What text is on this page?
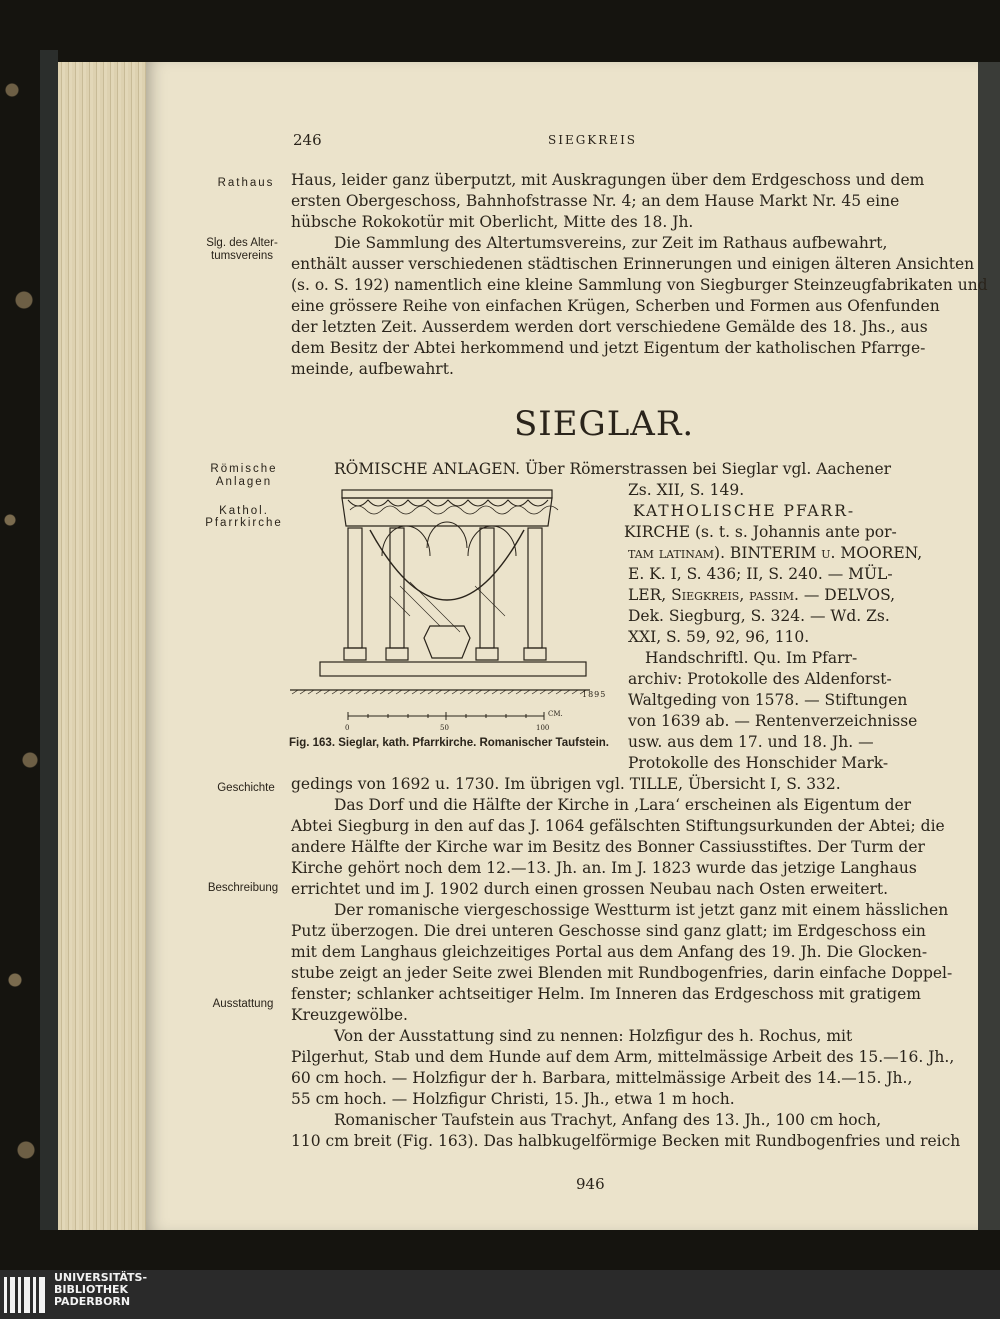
246	SIEGKREIS
Rathaus
Slg. des Alter-
tumsvereins
Römische
Anlagen
Kathol.
Pfarrkirche
Geschichte
Beschreibung
Ausstattung
Haus, leider ganz überputzt, mit Auskragungen über dem Erdgeschoss und dem
ersten Obergeschoss, Bahnhofstrasse Nr. 4; an dem Hause Markt Nr. 45 eine
hübsche Rokokotür mit Oberlicht, Mitte des 18. Jh.
Die Sammlung des Altertumsvereins, zur Zeit im Rathaus aufbewahrt,
enthält ausser verschiedenen städtischen Erinnerungen und einigen älteren Ansichten
(s. o. S. 192) namentlich eine kleine Sammlung von Siegburger Steinzeugfabrikaten und
eine grössere Reihe von einfachen Krügen, Scherben und Formen aus Ofenfunden
der letzten Zeit. Ausserdem werden dort verschiedene Gemälde des 18. Jhs., aus
dem Besitz der Abtei herkommend und jetzt Eigentum der katholischen Pfarrge-
meinde, aufbewahrt.
SIEGLAR.
RÖMISCHE ANLAGEN. Über Römerstrassen bei Sieglar vgl. Aachener
Zs. XII, S. 149.
1895
CM.
0	50	100
Fig. 163. Sieglar, kath. Pfarrkirche. Romanischer Taufstein.
KATHOLISCHE PFARR-
KIRCHE (s. t. s. Johannis ante por-
tam latinam). BINTERIM u. MOOREN,
E. K. I, S. 436; II, S. 240. — MÜL-
LER, Siegkreis, passim. — DELVOS,
Dek. Siegburg, S. 324. — Wd. Zs.
XXI, S. 59, 92, 96, 110.
Handschriftl. Qu. Im Pfarr-
archiv: Protokolle des Aldenforst-
Waltgeding von 1578. — Stiftungen
von 1639 ab. — Rentenverzeichnisse
usw. aus dem 17. und 18. Jh. —
Protokolle des Honschider Mark-
gedings von 1692 u. 1730. Im übrigen vgl. TILLE, Übersicht I, S. 332.
Das Dorf und die Hälfte der Kirche in ‚Lara‘ erscheinen als Eigentum der
Abtei Siegburg in den auf das J. 1064 gefälschten Stiftungsurkunden der Abtei; die
andere Hälfte der Kirche war im Besitz des Bonner Cassiusstiftes. Der Turm der
Kirche gehört noch dem 12.—13. Jh. an. Im J. 1823 wurde das jetzige Langhaus
errichtet und im J. 1902 durch einen grossen Neubau nach Osten erweitert.
Der romanische viergeschossige Westturm ist jetzt ganz mit einem hässlichen
Putz überzogen. Die drei unteren Geschosse sind ganz glatt; im Erdgeschoss ein
mit dem Langhaus gleichzeitiges Portal aus dem Anfang des 19. Jh. Die Glocken-
stube zeigt an jeder Seite zwei Blenden mit Rundbogenfries, darin einfache Doppel-
fenster; schlanker achtseitiger Helm. Im Inneren das Erdgeschoss mit gratigem
Kreuzgewölbe.
Von der Ausstattung sind zu nennen: Holzfigur des h. Rochus, mit
Pilgerhut, Stab und dem Hunde auf dem Arm, mittelmässige Arbeit des 15.—16. Jh.,
60 cm hoch. — Holzfigur der h. Barbara, mittelmässige Arbeit des 14.—15. Jh.,
55 cm hoch. — Holzfigur Christi, 15. Jh., etwa 1 m hoch.
Romanischer Taufstein aus Trachyt, Anfang des 13. Jh., 100 cm hoch,
110 cm breit (Fig. 163). Das halbkugelförmige Becken mit Rundbogenfries und reich
946
UNIVERSITÄTS-
BIBLIOTHEK
PADERBORN
